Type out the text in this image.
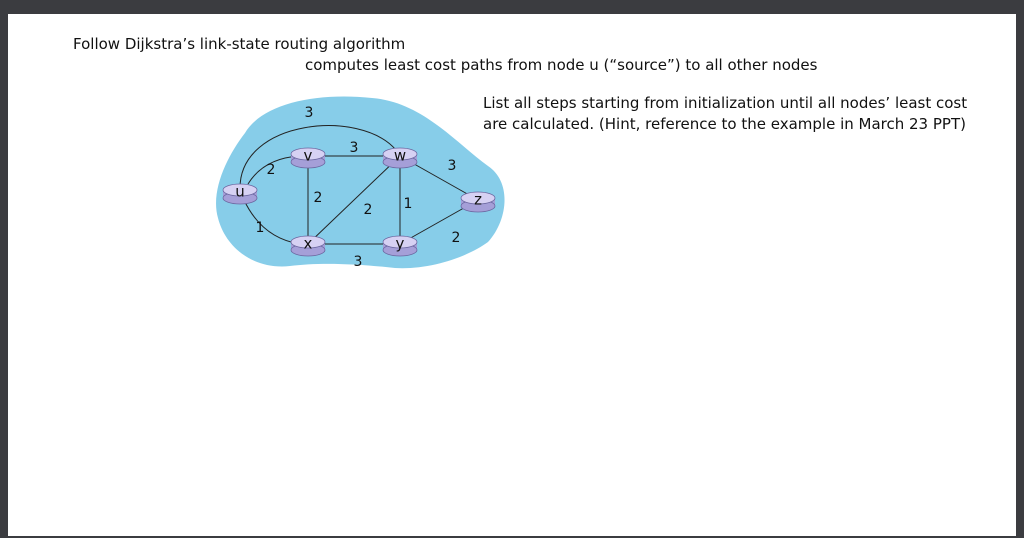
Follow Dijkstra’s link-state routing algorithm
computes least cost paths from node u (“source”) to all other nodes
List all steps starting from initialization until all nodes’ least cost
are calculated. (Hint, reference to the example in March 23 PPT)
2
3
1
3
2
2
3
1
3
2
u
v	w
x	y
z
